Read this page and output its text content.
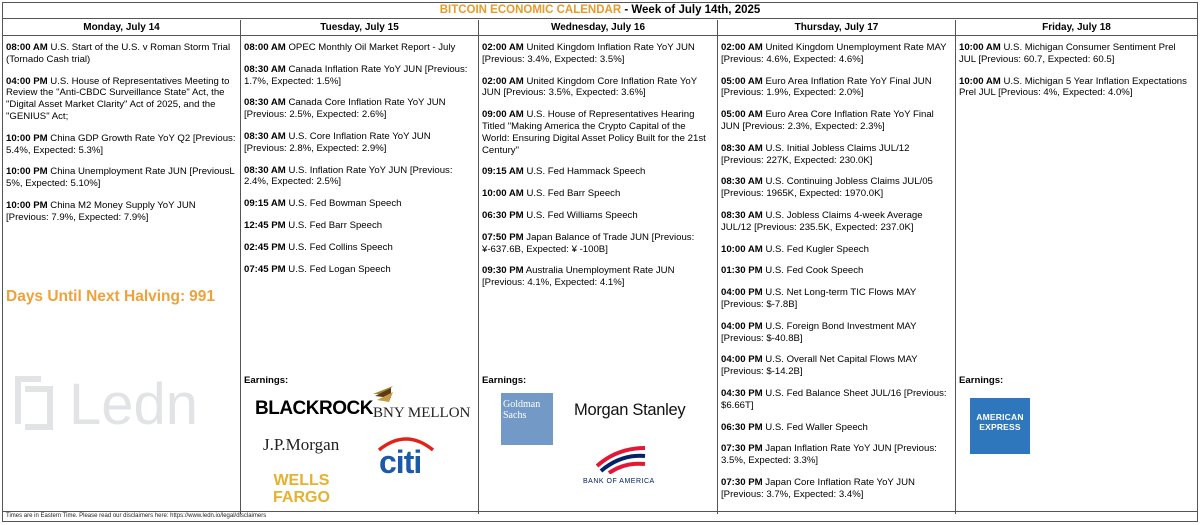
BITCOIN ECONOMIC CALENDAR - Week of July 14th, 2025
Monday, July 14
08:00 AM U.S. Start of the U.S. v Roman Storm Trial (Tornado Cash trial)
04:00 PM U.S. House of Representatives Meeting to Review the "Anti-CBDC Surveillance State" Act, the "Digital Asset Market Clarity" Act of 2025, and the "GENIUS" Act;
10:00 PM China GDP Growth Rate YoY Q2 [Previous: 5.4%, Expected: 5.3%]
10:00 PM China Unemployment Rate JUN [PreviousL 5%, Expected: 5.10%]
10:00 PM China M2 Money Supply YoY JUN [Previous: 7.9%, Expected: 7.9%]
Days Until Next Halving: 991
Ledn
Tuesday, July 15
08:00 AM OPEC Monthly Oil Market Report - July
08:30 AM Canada Inflation Rate YoY JUN [Previous: 1.7%, Expected: 1.5%]
08:30 AM Canada Core Inflation Rate YoY JUN [Previous: 2.5%, Expected: 2.6%]
08:30 AM U.S. Core Inflation Rate YoY JUN [Previous: 2.8%, Expected: 2.9%]
08:30 AM U.S. Inflation Rate YoY JUN [Previous: 2.4%, Expected: 2.5%]
09:15 AM U.S. Fed Bowman Speech
12:45 PM U.S. Fed Barr Speech
02:45 PM U.S. Fed Collins Speech
07:45 PM U.S. Fed Logan Speech
Earnings:
BLACKROCK BNY MELLON
J.P.Morgan citi
WELLS
FARGO
Wednesday, July 16
02:00 AM United Kingdom Inflation Rate YoY JUN [Previous: 3.4%, Expected: 3.5%]
02:00 AM United Kingdom Core Inflation Rate YoY JUN [Previous: 3.5%, Expected: 3.6%]
09:00 AM U.S. House of Representatives Hearing Titled "Making America the Crypto Capital of the World: Ensuring Digital Asset Policy Built for the 21st Century"
09:15 AM U.S. Fed Hammack Speech
10:00 AM U.S. Fed Barr Speech
06:30 PM U.S. Fed Williams Speech
07:50 PM Japan Balance of Trade JUN [Previous: ¥-637.6B, Expected: ¥ -100B]
09:30 PM Australia Unemployment Rate JUN [Previous: 4.1%, Expected: 4.1%]
Earnings:
Goldman
Sachs	Morgan Stanley
BANK OF AMERICA
Thursday, July 17
02:00 AM United Kingdom Unemployment Rate MAY [Previous: 4.6%, Expected: 4.6%]
05:00 AM Euro Area Inflation Rate YoY Final JUN [Previous: 1.9%, Expected: 2.0%]
05:00 AM Euro Area Core Inflation Rate YoY Final JUN [Previous: 2.3%, Expected: 2.3%]
08:30 AM U.S. Initial Jobless Claims JUL/12 [Previous: 227K, Expected: 230.0K]
08:30 AM U.S. Continuing Jobless Claims JUL/05 [Previous: 1965K, Expected: 1970.0K]
08:30 AM U.S. Jobless Claims 4-week Average JUL/12 [Previous: 235.5K, Expected: 237.0K]
10:00 AM U.S. Fed Kugler Speech
01:30 PM U.S. Fed Cook Speech
04:00 PM U.S. Net Long-term TIC Flows MAY [Previous: $-7.8B]
04:00 PM U.S. Foreign Bond Investment MAY [Previous: $-40.8B]
04:00 PM U.S. Overall Net Capital Flows MAY [Previous: $-14.2B]
04:30 PM U.S. Fed Balance Sheet JUL/16 [Previous: $6.66T]
06:30 PM U.S. Fed Waller Speech
07:30 PM Japan Inflation Rate YoY JUN [Previous: 3.5%, Expected: 3.3%]
07:30 PM Japan Core Inflation Rate YoY JUN [Previous: 3.7%, Expected: 3.4%]
Friday, July 18
10:00 AM U.S. Michigan Consumer Sentiment Prel JUL [Previous: 60.7, Expected: 60.5]
10:00 AM U.S. Michigan 5 Year Inflation Expectations Prel JUL [Previous: 4%, Expected: 4.0%]
Earnings:
AMERICAN
EXPRESS
Times are in Eastern Time. Please read our disclaimers here: https://www.ledn.io/legal/disclaimers
